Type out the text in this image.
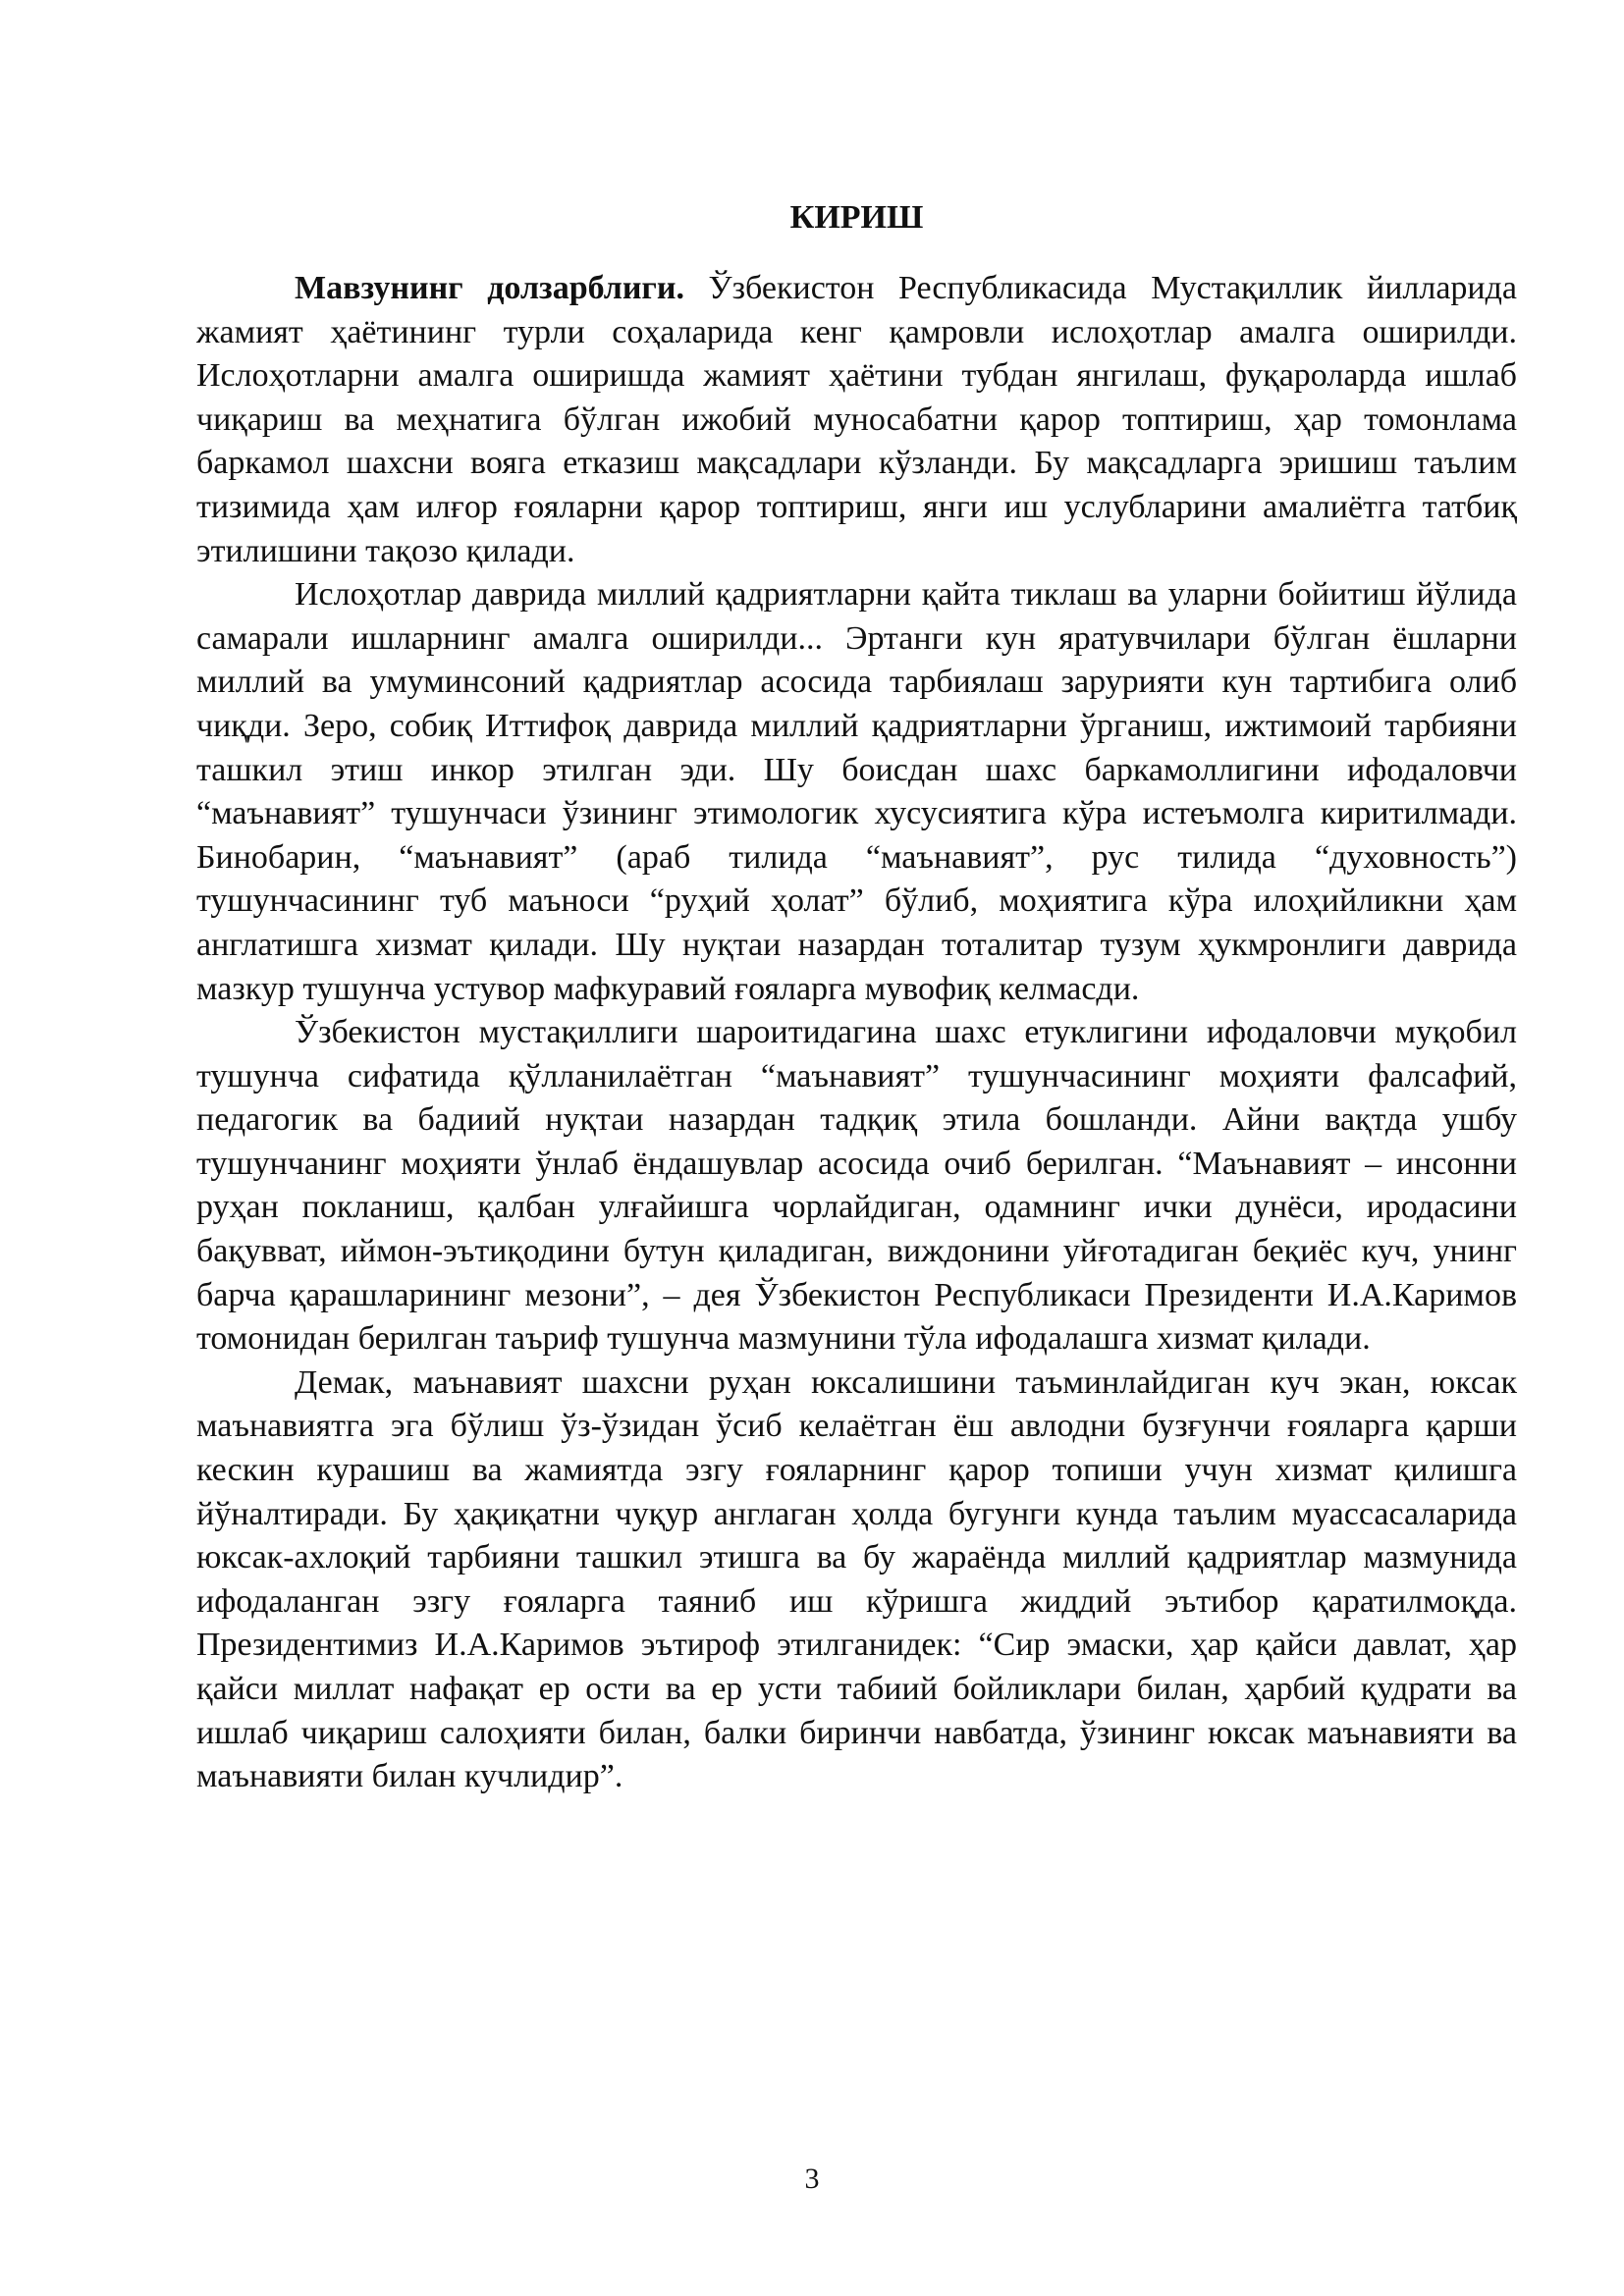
КИРИШ

Мавзунинг долзарблиги. Ўзбекистон Республикасида Мустақиллик йилларида жамият ҳаётининг турли соҳаларида кенг қамровли ислоҳотлар амалга оширилди. Ислоҳотларни амалга оширишда жамият ҳаётини тубдан янгилаш, фуқароларда ишлаб чиқариш ва меҳнатига бўлган ижобий муносабатни қарор топтириш, ҳар томонлама баркамол шахсни вояга етказиш мақсадлари кўзланди. Бу мақсадларга эришиш таълим тизимида ҳам илғор ғояларни қарор топтириш, янги иш услубларини амалиётга татбиқ этилишини тақозо қилади.

Ислоҳотлар даврида миллий қадриятларни қайта тиклаш ва уларни бойитиш йўлида самарали ишларнинг амалга оширилди... Эртанги кун яратувчилари бўлган ёшларни миллий ва умуминсоний қадриятлар асосида тарбиялаш зарурияти кун тартибига олиб чиқди. Зеро, собиқ Иттифоқ даврида миллий қадриятларни ўрганиш, ижтимоий тарбияни ташкил этиш инкор этилган эди. Шу боисдан шахс баркамоллигини ифодаловчи “маънавият” тушунчаси ўзининг этимологик хусусиятига кўра истеъмолга киритилмади. Бинобарин, “маънавият” (араб тилида “маънавият”, рус тилида “духовность”) тушунчасининг туб маъноси “руҳий ҳолат” бўлиб, моҳиятига кўра илоҳийликни ҳам англатишга хизмат қилади. Шу нуқтаи назардан тоталитар тузум ҳукмронлиги даврида мазкур тушунча устувор мафкуравий ғояларга мувофиқ келмасди.

Ўзбекистон мустақиллиги шароитидагина шахс етуклигини ифодаловчи муқобил тушунча сифатида қўлланилаётган “маънавият” тушунчасининг моҳияти фалсафий, педагогик ва бадиий нуқтаи назардан тадқиқ этила бошланди. Айни вақтда ушбу тушунчанинг моҳияти ўнлаб ёндашувлар асосида очиб берилган. “Маънавият – инсонни руҳан покланиш, қалбан улғайишга чорлайдиган, одамнинг ички дунёси, иродасини бақувват, иймон-эътиқодини бутун қиладиган, виждонини уйғотадиган беқиёс куч, унинг барча қарашларининг мезони”, – дея Ўзбекистон Республикаси Президенти И.А.Каримов томонидан берилган таъриф тушунча мазмунини тўла ифодалашга хизмат қилади.

Демак, маънавият шахсни руҳан юксалишини таъминлайдиган куч экан, юксак маънавиятга эга бўлиш ўз-ўзидан ўсиб келаётган ёш авлодни бузғунчи ғояларга қарши кескин курашиш ва жамиятда эзгу ғояларнинг қарор топиши учун хизмат қилишга йўналтиради. Бу ҳақиқатни чуқур англаган ҳолда бугунги кунда таълим муассасаларида юксак-ахлоқий тарбияни ташкил этишга ва бу жараёнда миллий қадриятлар мазмунида ифодаланган эзгу ғояларга таяниб иш кўришга жиддий эътибор қаратилмоқда. Президентимиз И.А.Каримов эътироф этилганидек: “Сир эмаски, ҳар қайси давлат, ҳар қайси миллат нафақат ер ости ва ер усти табиий бойликлари билан, ҳарбий қудрати ва ишлаб чиқариш салоҳияти билан, балки биринчи навбатда, ўзининг юксак маънавияти ва маънавияти билан кучлидир”.

3
